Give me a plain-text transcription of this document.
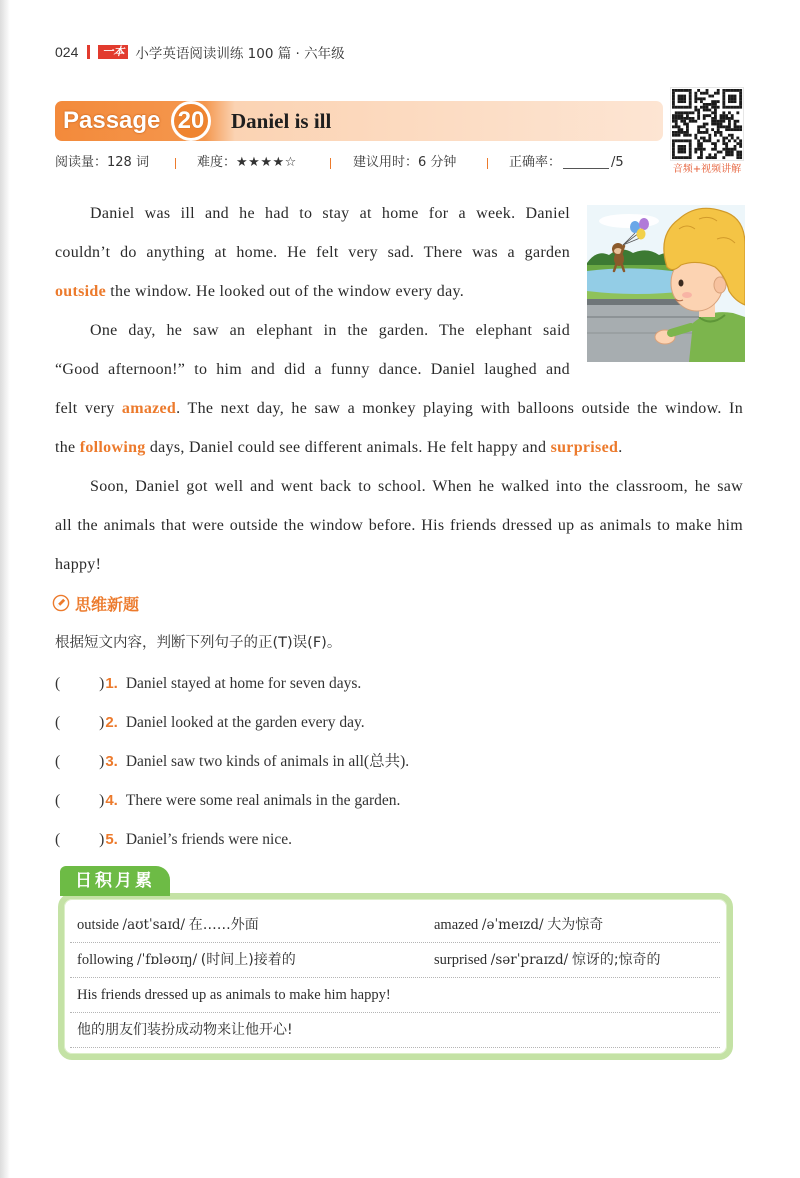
024	一本 小学英语阅读训练 100 篇 · 六年级
Passage 20	Daniel is ill
音频+视频讲解
阅读量：128 词	难度：★★★★☆	建议用时：6 分钟	正确率：	/5
Daniel was ill and he had to stay at home for a week. Daniel
couldn’t do anything at home. He felt very sad. There was a garden
outside the window. He looked out of the window every day.
One day, he saw an elephant in the garden. The elephant said
“Good afternoon!” to him and did a funny dance. Daniel laughed and
felt very amazed. The next day, he saw a monkey playing with balloons outside the window. In
the following days, Daniel could see different animals. He felt happy and surprised.
Soon, Daniel got well and went back to school. When he walked into the classroom, he saw
all the animals that were outside the window before. His friends dressed up as animals to make him
happy!
思维新题
根据短文内容，判断下列句子的正(T)误(F)。
(	) 1. Daniel stayed at home for seven days.
(	) 2. Daniel looked at the garden every day.
(	) 3. Daniel saw two kinds of animals in all(总共).
(	) 4. There were some real animals in the garden.
(	) 5. Daniel’s friends were nice.
日积月累
outside /aʊtˈsaɪd/ 在……外面	amazed /əˈmeɪzd/ 大为惊奇
following /ˈfɒləʊɪŋ/ (时间上)接着的	surprised /sərˈpraɪzd/ 惊讶的;惊奇的
His friends dressed up as animals to make him happy!
他的朋友们装扮成动物来让他开心!
